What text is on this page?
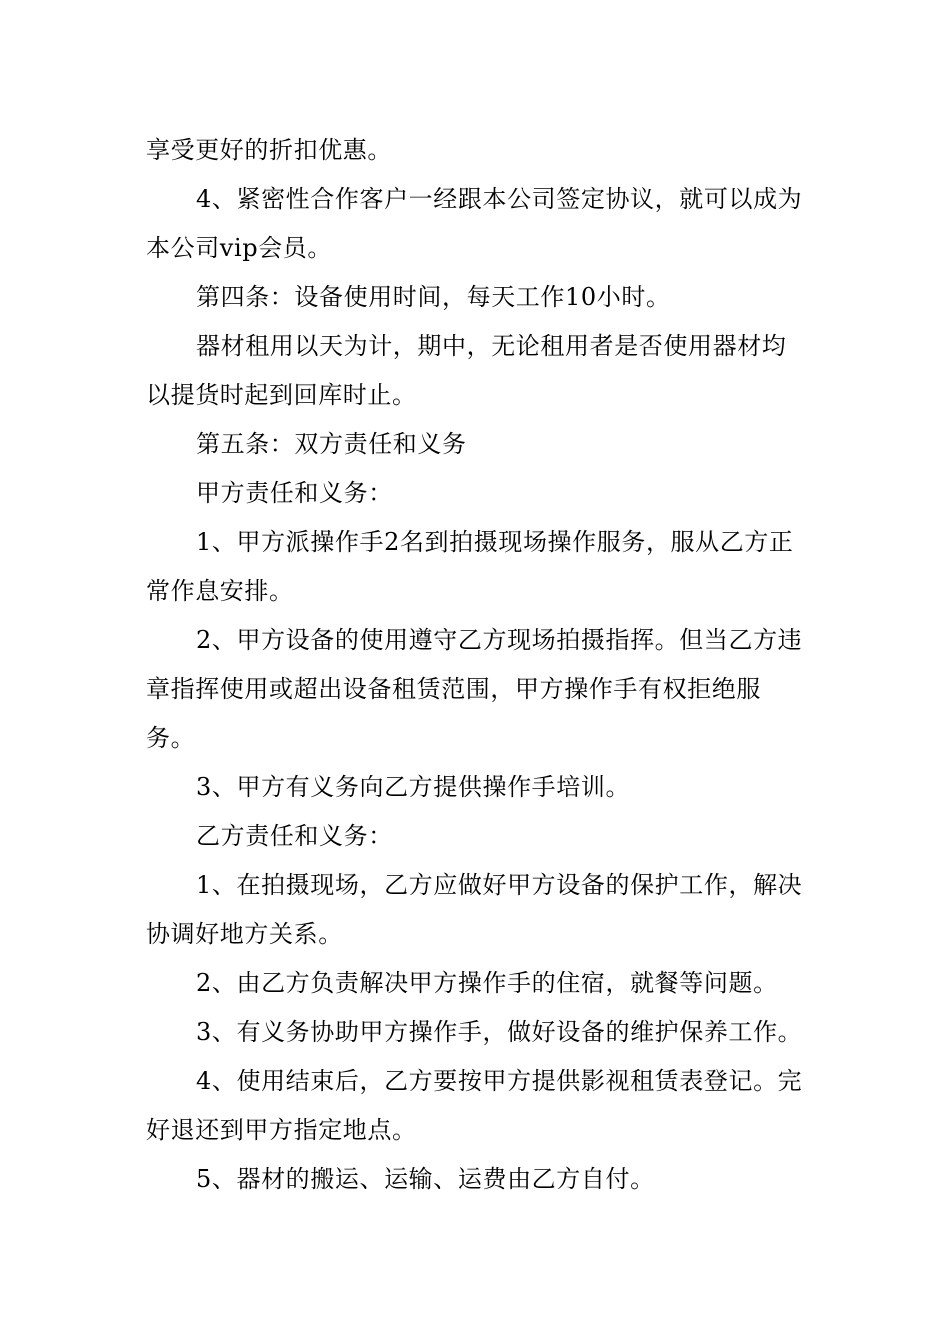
享受更好的折扣优惠。

4、紧密性合作客户一经跟本公司签定协议，就可以成为本公司vip会员。

第四条：设备使用时间，每天工作10小时。

器材租用以天为计，期中，无论租用者是否使用器材均以提货时起到回库时止。

第五条：双方责任和义务

甲方责任和义务：

1、甲方派操作手2名到拍摄现场操作服务，服从乙方正常作息安排。

2、甲方设备的使用遵守乙方现场拍摄指挥。但当乙方违章指挥使用或超出设备租赁范围，甲方操作手有权拒绝服务。

3、甲方有义务向乙方提供操作手培训。

乙方责任和义务：

1、在拍摄现场，乙方应做好甲方设备的保护工作，解决协调好地方关系。

2、由乙方负责解决甲方操作手的住宿，就餐等问题。

3、有义务协助甲方操作手，做好设备的维护保养工作。

4、使用结束后，乙方要按甲方提供影视租赁表登记。完好退还到甲方指定地点。

5、器材的搬运、运输、运费由乙方自付。
